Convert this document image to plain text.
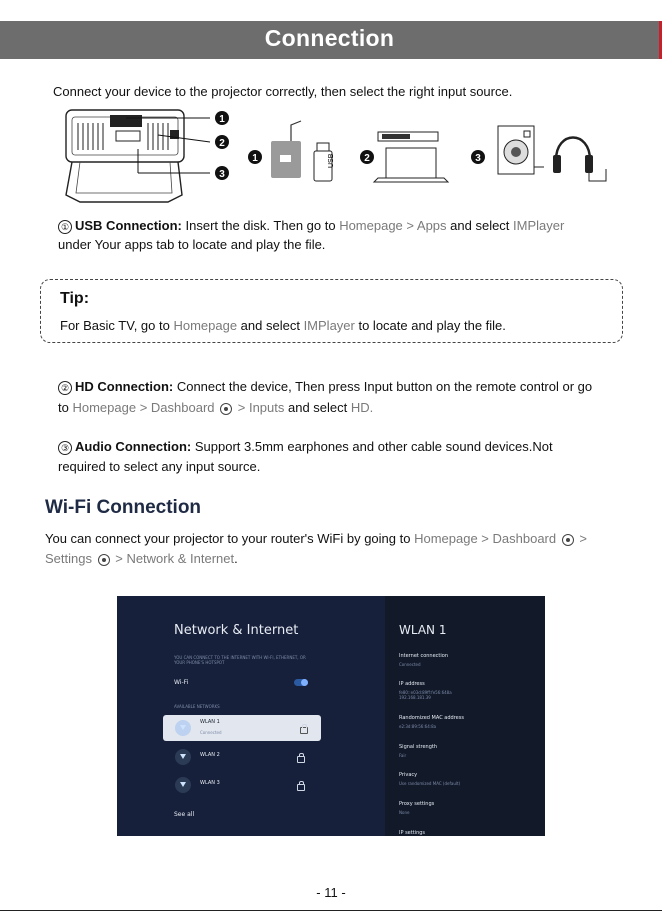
Connection
Connect your device to the projector correctly, then select the right input source.
1
2
3
1	USB	2	3
① USB Connection: Insert the disk. Then go to Homepage > Apps and select IMPlayer
under Your apps tab to locate and play the file.
Tip:
For Basic TV, go to Homepage and select IMPlayer to locate and play the file.
② HD Connection: Connect the device, Then press Input button on the remote control or go
to Homepage > Dashboard  > Inputs and select HD.
③ Audio Connection: Support 3.5mm earphones and other cable sound devices.Not
required to select any input source.
Wi-Fi Connection
You can connect your projector to your router's WiFi by going to Homepage > Dashboard  >
Settings  > Network & Internet.
Network & Internet
YOU CAN CONNECT TO THE INTERNET WITH WI-FI, ETHERNET, OR YOUR PHONE'S HOTSPOT
Wi-Fi
AVAILABLE NETWORKS
WLAN 1
Connected
WLAN 2
WLAN 3
See all
WLAN 1
Internet connection
Connected
IP address
fe80::e03d:89ff:fe56:648a
192.168.181.39
Randomized MAC address
e2:3d:89:56:64:8a
Signal strength
Fair
Privacy
Use randomized MAC (default)
Proxy settings
None
IP settings
- 11 -
